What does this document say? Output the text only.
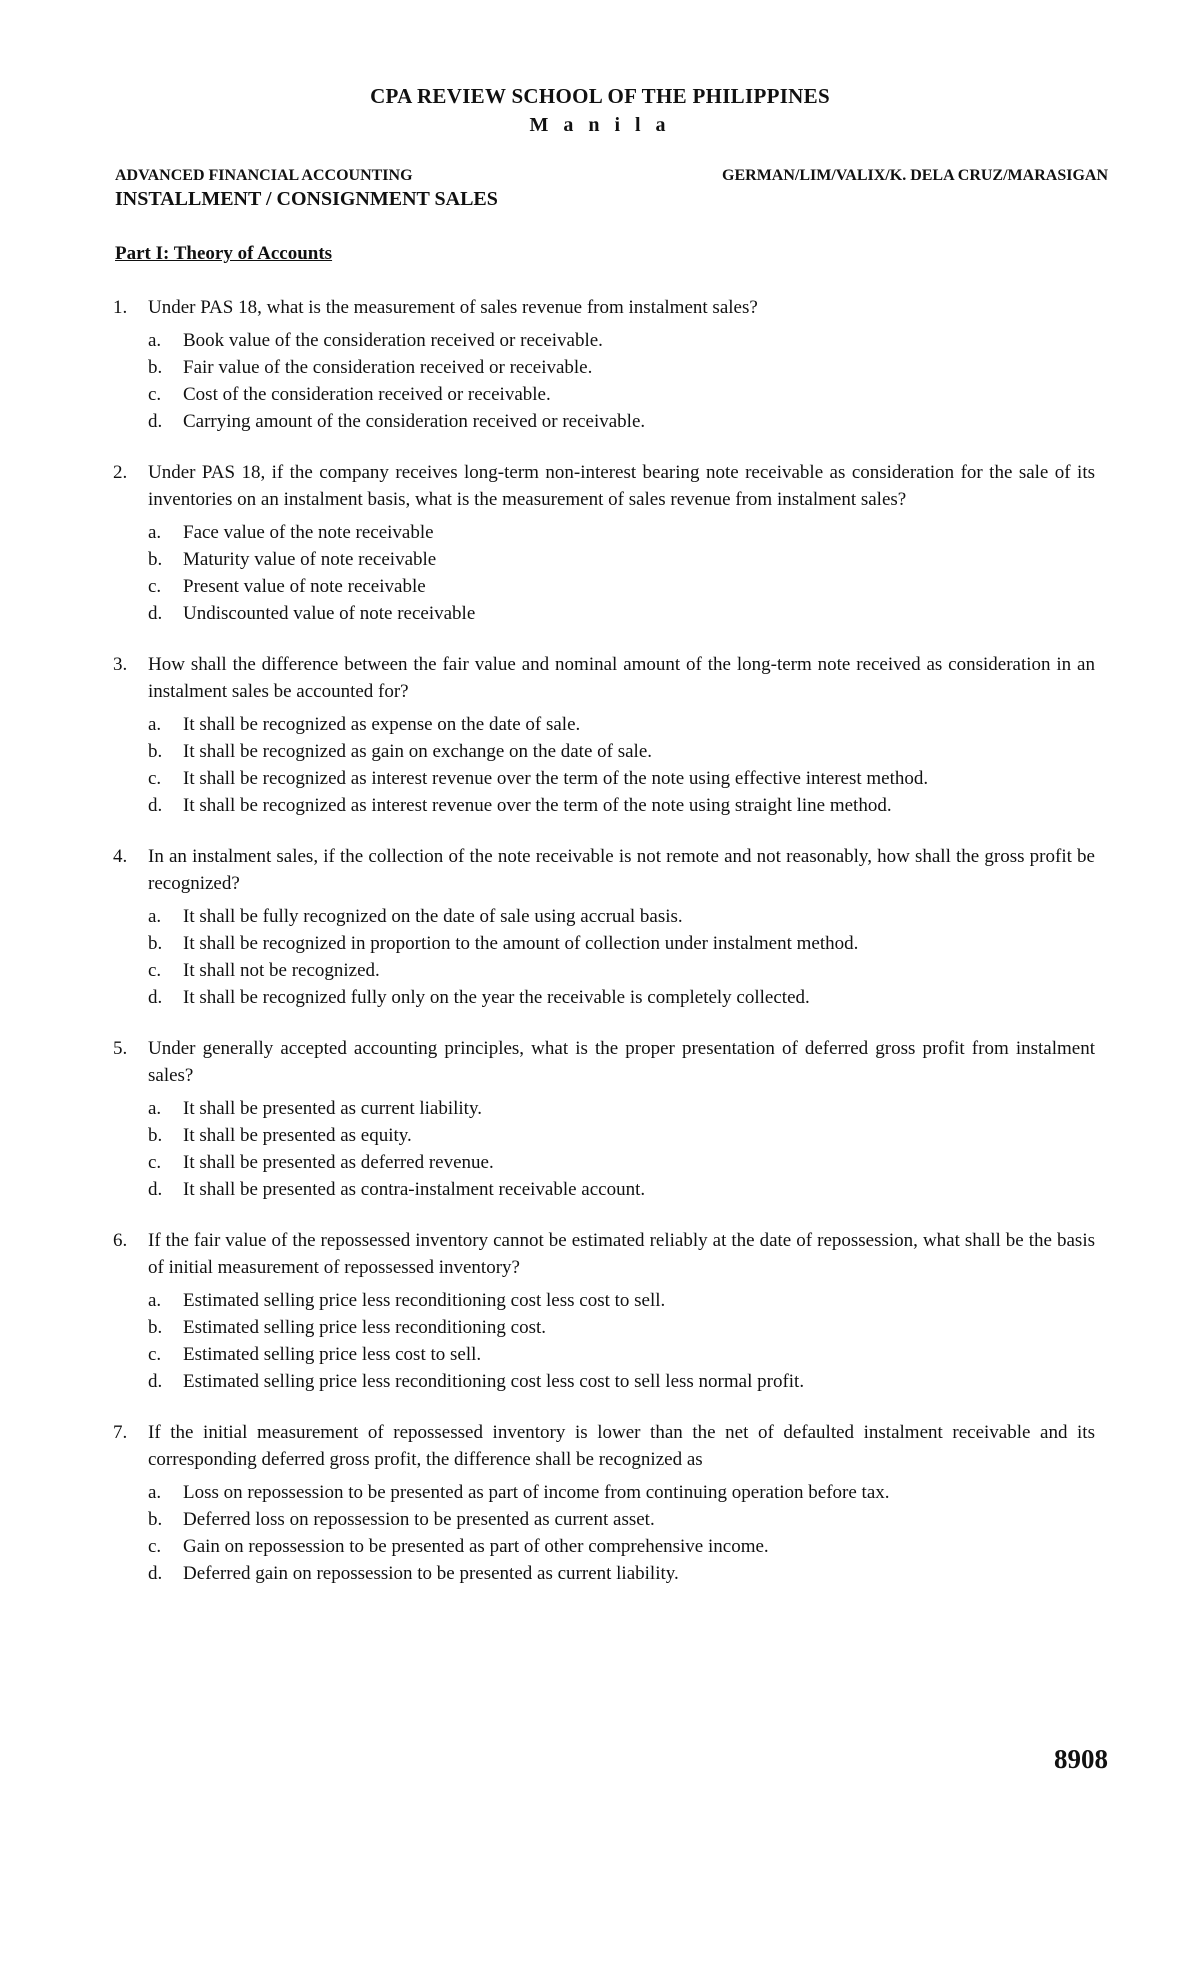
CPA REVIEW SCHOOL OF THE PHILIPPINES
M a n i l a
ADVANCED FINANCIAL ACCOUNTING	GERMAN/LIM/VALIX/K. DELA CRUZ/MARASIGAN
INSTALLMENT / CONSIGNMENT SALES
Part I: Theory of Accounts
1.	Under PAS 18, what is the measurement of sales revenue from instalment sales?
a.	Book value of the consideration received or receivable.
b.	Fair value of the consideration received or receivable.
c.	Cost of the consideration received or receivable.
d.	Carrying amount of the consideration received or receivable.
2.	Under PAS 18, if the company receives long-term non-interest bearing note receivable as consideration for the sale of its inventories on an instalment basis, what is the measurement of sales revenue from instalment sales?
a.	Face value of the note receivable
b.	Maturity value of note receivable
c.	Present value of note receivable
d.	Undiscounted value of note receivable
3.	How shall the difference between the fair value and nominal amount of the long-term note received as consideration in an instalment sales be accounted for?
a.	It shall be recognized as expense on the date of sale.
b.	It shall be recognized as gain on exchange on the date of sale.
c.	It shall be recognized as interest revenue over the term of the note using effective interest method.
d.	It shall be recognized as interest revenue over the term of the note using straight line method.
4.	In an instalment sales, if the collection of the note receivable is not remote and not reasonably, how shall the gross profit be recognized?
a.	It shall be fully recognized on the date of sale using accrual basis.
b.	It shall be recognized in proportion to the amount of collection under instalment method.
c.	It shall not be recognized.
d.	It shall be recognized fully only on the year the receivable is completely collected.
5.	Under generally accepted accounting principles, what is the proper presentation of deferred gross profit from instalment sales?
a.	It shall be presented as current liability.
b.	It shall be presented as equity.
c.	It shall be presented as deferred revenue.
d.	It shall be presented as contra-instalment receivable account.
6.	If the fair value of the repossessed inventory cannot be estimated reliably at the date of repossession, what shall be the basis of initial measurement of repossessed inventory?
a.	Estimated selling price less reconditioning cost less cost to sell.
b.	Estimated selling price less reconditioning cost.
c.	Estimated selling price less cost to sell.
d.	Estimated selling price less reconditioning cost less cost to sell less normal profit.
7.	If the initial measurement of repossessed inventory is lower than the net of defaulted instalment receivable and its corresponding deferred gross profit, the difference shall be recognized as
a.	Loss on repossession to be presented as part of income from continuing operation before tax.
b.	Deferred loss on repossession to be presented as current asset.
c.	Gain on repossession to be presented as part of other comprehensive income.
d.	Deferred gain on repossession to be presented as current liability.
8908
